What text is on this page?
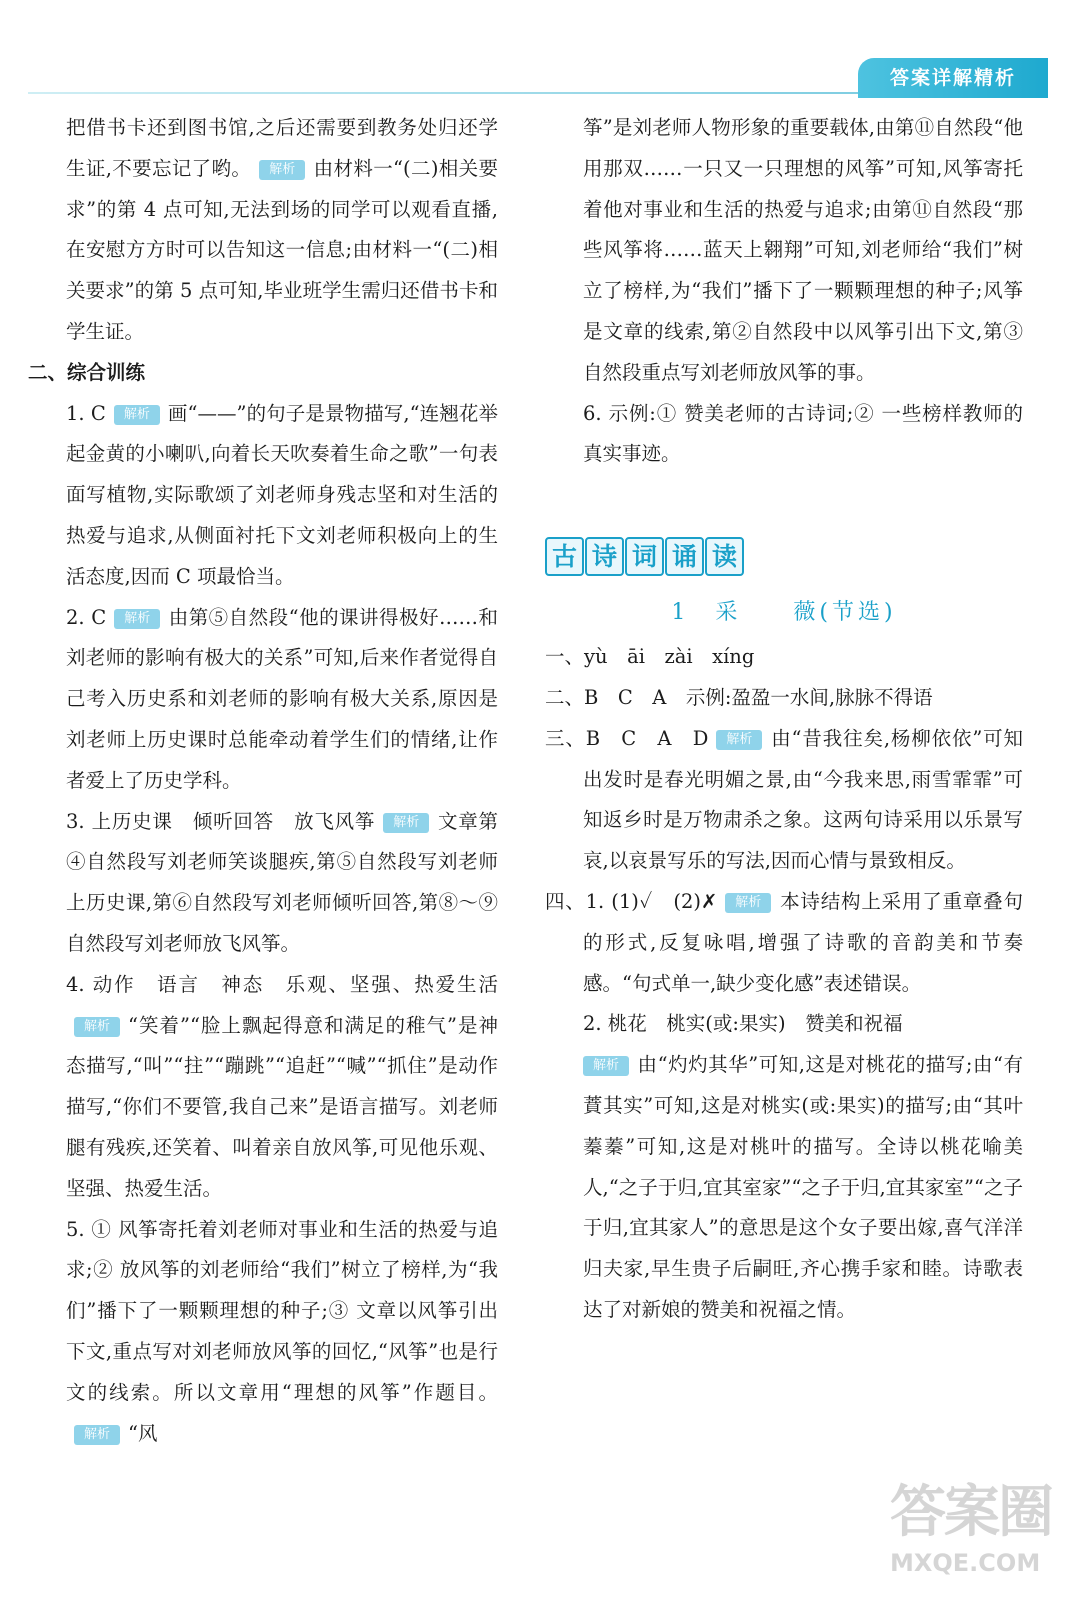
答案详解精析

把借书卡还到图书馆,之后还需要到教务处归还学生证,不要忘记了哟。 解析 由材料一“(二)相关要求”的第 4 点可知,无法到场的同学可以观看直播,在安慰方方时可以告知这一信息;由材料一“(二)相关要求”的第 5 点可知,毕业班学生需归还借书卡和学生证。

二、综合训练

1. C 解析 画“——”的句子是景物描写,“连翘花举起金黄的小喇叭,向着长天吹奏着生命之歌”一句表面写植物,实际歌颂了刘老师身残志坚和对生活的热爱与追求,从侧面衬托下文刘老师积极向上的生活态度,因而 C 项最恰当。

2. C 解析 由第⑤自然段“他的课讲得极好……和刘老师的影响有极大的关系”可知,后来作者觉得自己考入历史系和刘老师的影响有极大关系,原因是刘老师上历史课时总能牵动着学生们的情绪,让作者爱上了历史学科。

3. 上历史课　倾听回答　放飞风筝 解析 文章第④自然段写刘老师笑谈腿疾,第⑤自然段写刘老师上历史课,第⑥自然段写刘老师倾听回答,第⑧～⑨自然段写刘老师放飞风筝。

4. 动作　语言　神态　乐观、坚强、热爱生活解析 “笑着”“脸上飘起得意和满足的稚气”是神态描写,“叫”“拄”“蹦跳”“追赶”“喊”“抓住”是动作描写,“你们不要管,我自己来”是语言描写。刘老师腿有残疾,还笑着、叫着亲自放风筝,可见他乐观、坚强、热爱生活。

5. ① 风筝寄托着刘老师对事业和生活的热爱与追求;② 放风筝的刘老师给“我们”树立了榜样,为“我们”播下了一颗颗理想的种子;③ 文章以风筝引出下文,重点写对刘老师放风筝的回忆,“风筝”也是行文的线索。所以文章用“理想的风筝”作题目。解析 “风

筝”是刘老师人物形象的重要载体,由第⑪自然段“他用那双……一只又一只理想的风筝”可知,风筝寄托着他对事业和生活的热爱与追求;由第⑪自然段“那些风筝将……蓝天上翱翔”可知,刘老师给“我们”树立了榜样,为“我们”播下了一颗颗理想的种子;风筝是文章的线索,第②自然段中以风筝引出下文,第③自然段重点写刘老师放风筝的事。

6. 示例:① 赞美老师的古诗词;② 一些榜样教师的真实事迹。

古 诗 词 诵 读

1　采　　薇(节选)

一、yù　āi　zài　xíng

二、B　C　A　示例:盈盈一水间,脉脉不得语

三、B　C　A　D 解析 由“昔我往矣,杨柳依依”可知出发时是春光明媚之景,由“今我来思,雨雪霏霏”可知返乡时是万物肃杀之象。这两句诗采用以乐景写哀,以哀景写乐的写法,因而心情与景致相反。

四、1. (1)✓　(2)✗ 解析 本诗结构上采用了重章叠句的形式,反复咏唱,增强了诗歌的音韵美和节奏感。“句式单一,缺少变化感”表述错误。

2. 桃花　桃实(或:果实)　赞美和祝福

解析 由“灼灼其华”可知,这是对桃花的描写;由“有蕡其实”可知,这是对桃实(或:果实)的描写;由“其叶蓁蓁”可知,这是对桃叶的描写。全诗以桃花喻美人,“之子于归,宜其室家”“之子于归,宜其家室”“之子于归,宜其家人”的意思是这个女子要出嫁,喜气洋洋归夫家,早生贵子后嗣旺,齐心携手家和睦。诗歌表达了对新娘的赞美和祝福之情。

答案圈
MXQE.COM
